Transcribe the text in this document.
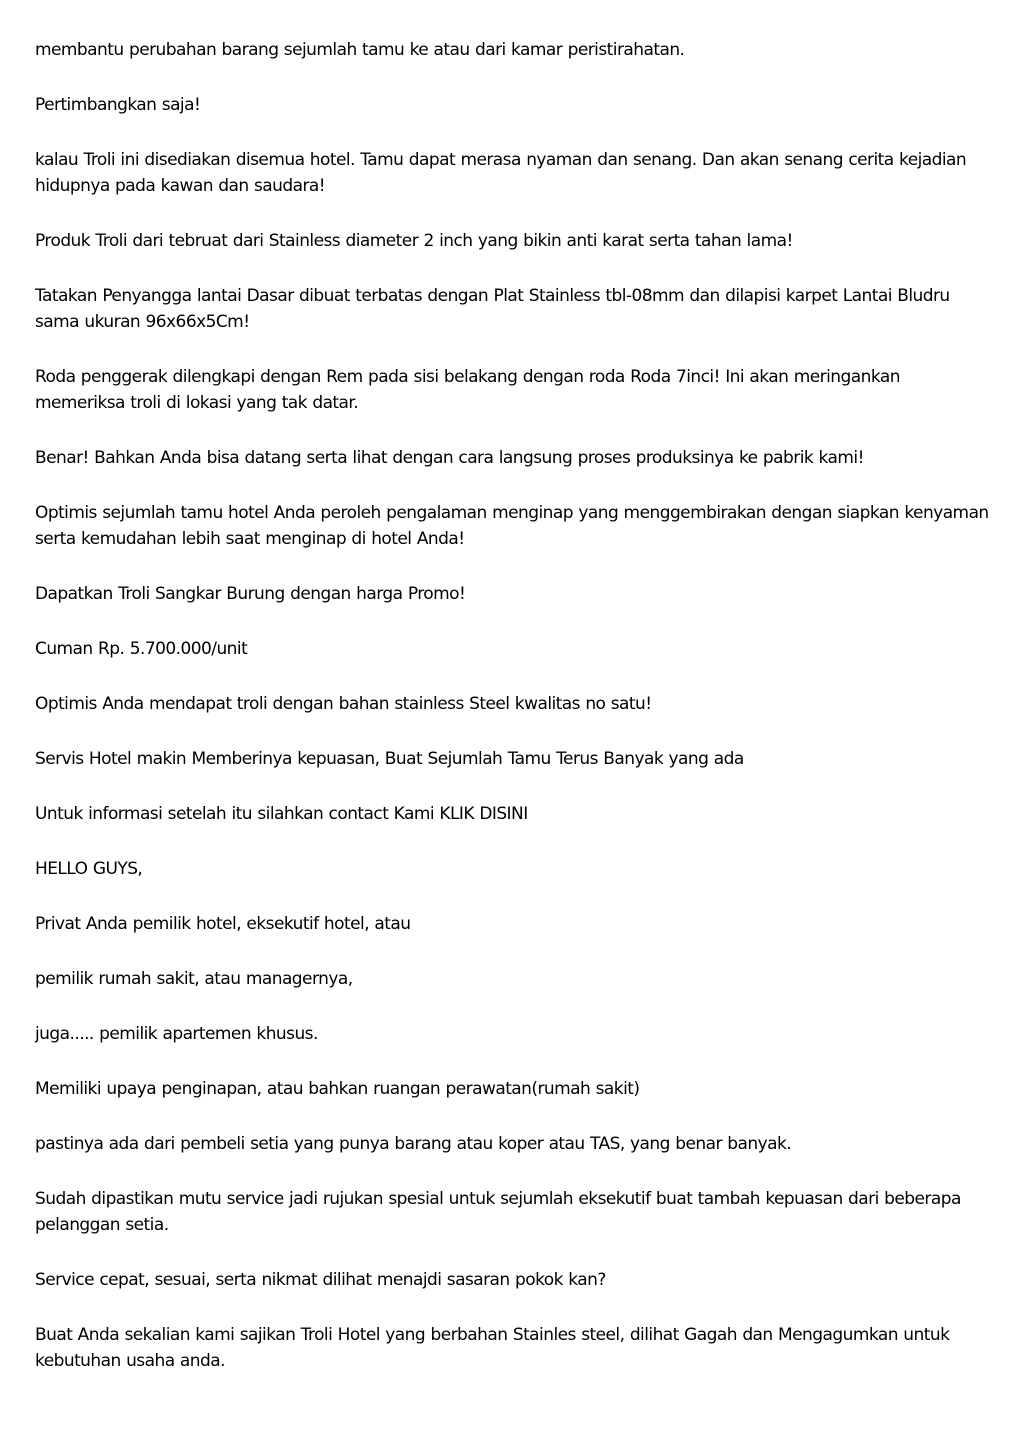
membantu perubahan barang sejumlah tamu ke atau dari kamar peristirahatan.

Pertimbangkan saja!

kalau Troli ini disediakan disemua hotel. Tamu dapat merasa nyaman dan senang. Dan akan senang cerita kejadian hidupnya pada kawan dan saudara!

Produk Troli dari tebruat dari Stainless diameter 2 inch yang bikin anti karat serta tahan lama!

Tatakan Penyangga lantai Dasar dibuat terbatas dengan Plat Stainless tbl-08mm dan dilapisi karpet Lantai Bludru sama ukuran 96x66x5Cm!

Roda penggerak dilengkapi dengan Rem pada sisi belakang dengan roda Roda 7inci! Ini akan meringankan memeriksa troli di lokasi yang tak datar.

Benar! Bahkan Anda bisa datang serta lihat dengan cara langsung proses produksinya ke pabrik kami!

Optimis sejumlah tamu hotel Anda peroleh pengalaman menginap yang menggembirakan dengan siapkan kenyaman serta kemudahan lebih saat menginap di hotel Anda!

Dapatkan Troli Sangkar Burung dengan harga Promo!

Cuman Rp. 5.700.000/unit

Optimis Anda mendapat troli dengan bahan stainless Steel kwalitas no satu!

Servis Hotel makin Memberinya kepuasan, Buat Sejumlah Tamu Terus Banyak yang ada

Untuk informasi setelah itu silahkan contact Kami KLIK DISINI

HELLO GUYS,

Privat Anda pemilik hotel, eksekutif hotel, atau

pemilik rumah sakit, atau managernya,

juga..... pemilik apartemen khusus.

Memiliki upaya penginapan, atau bahkan ruangan perawatan(rumah sakit)

pastinya ada dari pembeli setia yang punya barang atau koper atau TAS, yang benar banyak.

Sudah dipastikan mutu service jadi rujukan spesial untuk sejumlah eksekutif buat tambah kepuasan dari beberapa pelanggan setia.

Service cepat, sesuai, serta nikmat dilihat menajdi sasaran pokok kan?

Buat Anda sekalian kami sajikan Troli Hotel yang berbahan Stainles steel, dilihat Gagah dan Mengagumkan untuk kebutuhan usaha anda.
